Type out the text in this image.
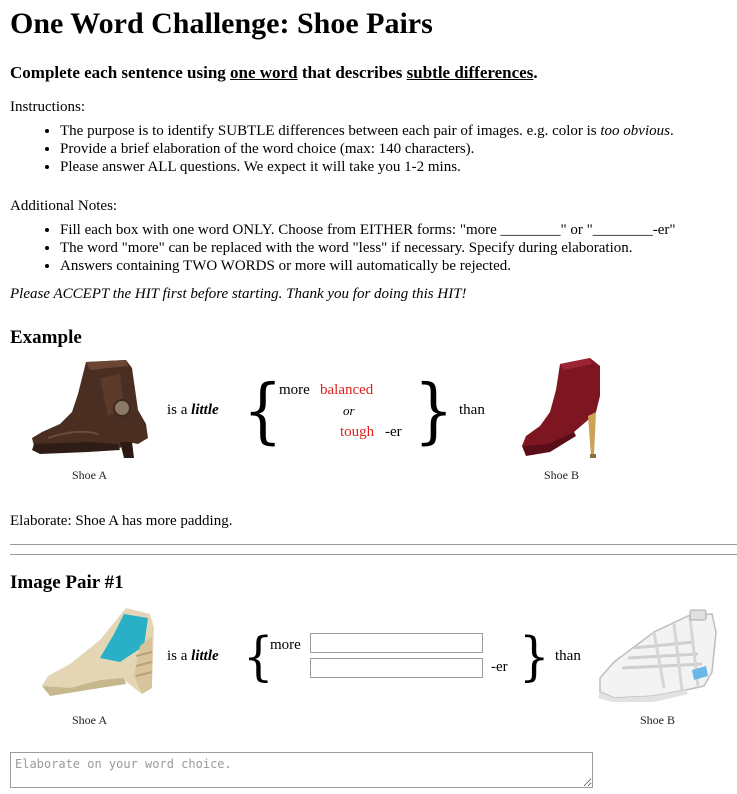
One Word Challenge: Shoe Pairs
Complete each sentence using one word that describes subtle differences.
Instructions:
• The purpose is to identify SUBTLE differences between each pair of images. e.g. color is too obvious.
• Provide a brief elaboration of the word choice (max: 140 characters).
• Please answer ALL questions. We expect it will take you 1-2 mins.
Additional Notes:
• Fill each box with one word ONLY. Choose from EITHER forms: "more ________" or "________-er"
• The word "more" can be replaced with the word "less" if necessary. Specify during elaboration.
• Answers containing TWO WORDS or more will automatically be rejected.
Please ACCEPT the HIT first before starting. Thank you for doing this HIT!
Example
Shoe A
is a little {
more balanced
or
tough -er } than
Shoe B
Elaborate: Shoe A has more padding.
Image Pair #1
Shoe A
is a little {
more
-er } than
Shoe B
Elaborate on your word choice.
